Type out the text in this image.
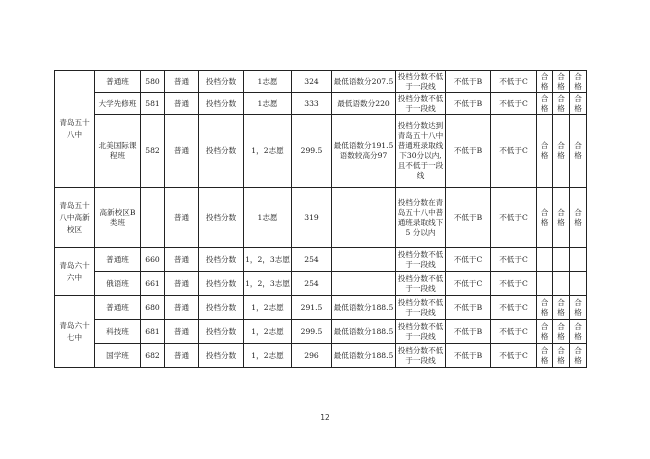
青岛五十八中	普通班	580	普通	投档分数	1志愿	324	最低语数分207.5	投档分数不低于一段线	不低于B	不低于C	合格	合格	合格
	大学先修班	581	普通	投档分数	1志愿	333	最低语数分220	投档分数不低于一段线	不低于B	不低于C	合格	合格	合格
	北美国际课程班	582	普通	投档分数	1，2志愿	299.5	最低语数分191.5 语数较高分97	投档分数达到青岛五十八中普通班录取线下30分以内,且不低于一段线	不低于B	不低于C	合格	合格	合格
青岛五十八中高新校区	高新校区B类班		普通	投档分数	1志愿	319		投档分数在青岛五十八中普通班录取线下 5 分以内	不低于B	不低于C	合格	合格	合格
青岛六十六中	普通班	660	普通	投档分数	1，2，3志愿	254		投档分数不低于一段线	不低于C	不低于C			
	俄语班	661	普通	投档分数	1，2，3志愿	254		投档分数不低于一段线	不低于C	不低于C			
青岛六十七中	普通班	680	普通	投档分数	1，2志愿	291.5	最低语数分188.5	投档分数不低于一段线	不低于B	不低于C	合格	合格	合格
	科技班	681	普通	投档分数	1，2志愿	299.5	最低语数分188.5	投档分数不低于一段线	不低于B	不低于C	合格	合格	合格
	国学班	682	普通	投档分数	1，2志愿	296	最低语数分188.5	投档分数不低于一段线	不低于B	不低于C	合格	合格	合格
12
